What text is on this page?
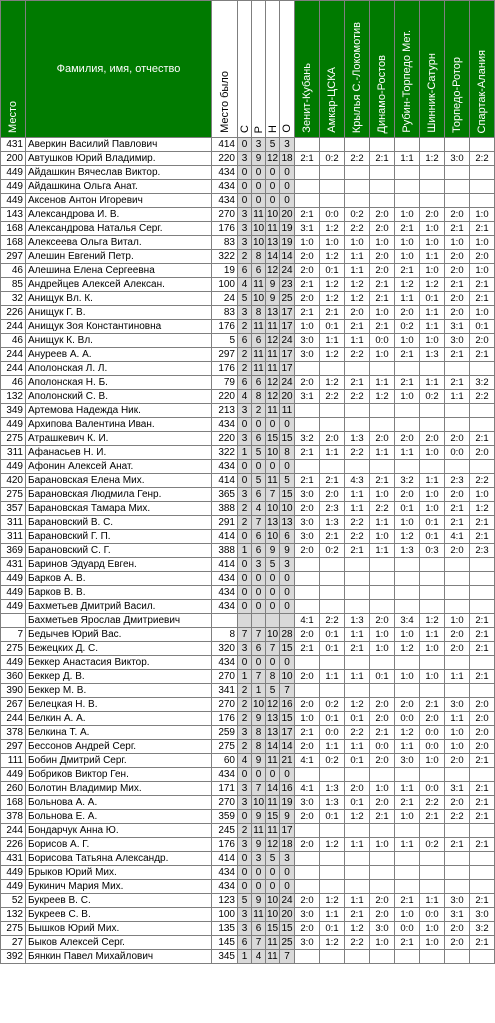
Место	Фамилия, имя, отчество	Место было	С	Р	Н	О	Зенит-Кубань	Амкар-ЦСКА	Крылья С.-Локомотив	Динамо-Ростов	Рубин-Торпедо Мет.	Шинник-Сатурн	Торпедо-Ротор	Спартак-Алания
431	Аверкин Василий Павлович	414	0	3	5	3								
200	Автушков Юрий Владимир.	220	3	9	12	18	2:1	0:2	2:2	2:1	1:1	1:2	3:0	2:2
449	Айдашкин Вячеслав Виктор.	434	0	0	0	0								
449	Айдашкина Ольга Анат.	434	0	0	0	0								
449	Аксенов Антон Игоревич	434	0	0	0	0								
143	Александрова И. В.	270	3	11	10	20	2:1	0:0	0:2	2:0	1:0	2:0	2:0	1:0
168	Александрова Наталья Серг.	176	3	10	11	19	3:1	1:2	2:2	2:0	2:1	1:0	2:1	2:1
168	Алексеева Ольга Витал.	83	3	10	13	19	1:0	1:0	1:0	1:0	1:0	1:0	1:0	1:0
297	Алешин Евгений Петр.	322	2	8	14	14	2:0	1:2	1:1	2:0	1:0	1:1	2:0	2:0
46	Алешина Елена Сергеевна	19	6	6	12	24	2:0	0:1	1:1	2:0	2:1	1:0	2:0	1:0
85	Андрейцев Алексей Алексан.	100	4	11	9	23	2:1	1:2	1:2	2:1	1:2	1:2	2:1	2:1
32	Анищук Вл. К.	24	5	10	9	25	2:0	1:2	1:2	2:1	1:1	0:1	2:0	2:1
226	Анищук Г. В.	83	3	8	13	17	2:1	2:1	2:0	1:0	2:0	1:1	2:0	1:0
244	Анищук Зоя Константиновна	176	2	11	11	17	1:0	0:1	2:1	2:1	0:2	1:1	3:1	0:1
46	Анищук К. Вл.	5	6	6	12	24	3:0	1:1	1:1	0:0	1:0	1:0	3:0	2:0
244	Ануреев А. А.	297	2	11	11	17	3:0	1:2	2:2	1:0	2:1	1:3	2:1	2:1
244	Аполонская Л. Л.	176	2	11	11	17								
46	Аполонская Н. Б.	79	6	6	12	24	2:0	1:2	2:1	1:1	2:1	1:1	2:1	3:2
132	Аполонский С. В.	220	4	8	12	20	3:1	2:2	2:2	1:2	1:0	0:2	1:1	2:2
349	Артемова Надежда Ник.	213	3	2	11	11								
449	Архипова Валентина Иван.	434	0	0	0	0								
275	Атрашкевич К. И.	220	3	6	15	15	3:2	2:0	1:3	2:0	2:0	2:0	2:0	2:1
311	Афанасьев Н. И.	322	1	5	10	8	2:1	1:1	2:2	1:1	1:1	1:0	0:0	2:0
449	Афонин Алексей Анат.	434	0	0	0	0								
420	Барановская Елена Мих.	414	0	5	11	5	2:1	2:1	4:3	2:1	3:2	1:1	2:3	2:2
275	Барановская Людмила Генр.	365	3	6	7	15	3:0	2:0	1:1	1:0	2:0	1:0	2:0	1:0
357	Барановская Тамара Мих.	388	2	4	10	10	2:0	2:3	1:1	2:2	0:1	1:0	2:1	1:2
311	Барановский В. С.	291	2	7	13	13	3:0	1:3	2:2	1:1	1:0	0:1	2:1	2:1
311	Барановский Г. П.	414	0	6	10	6	3:0	2:1	2:2	1:0	1:2	0:1	4:1	2:1
369	Барановский С. Г.	388	1	6	9	9	2:0	0:2	2:1	1:1	1:3	0:3	2:0	2:3
431	Баринов Эдуард Евген.	414	0	3	5	3								
449	Барков А. В.	434	0	0	0	0								
449	Барков В. В.	434	0	0	0	0								
449	Бахметьев Дмитрий Васил.	434	0	0	0	0								
	Бахметьев Ярослав Дмитриевич						4:1	2:2	1:3	2:0	3:4	1:2	1:0	2:1
7	Бедычев Юрий Вас.	8	7	7	10	28	2:0	0:1	1:1	1:0	1:0	1:1	2:0	2:1
275	Бежецких Д. С.	320	3	6	7	15	2:1	0:1	2:1	1:0	1:2	1:0	2:0	2:1
449	Беккер Анастасия Виктор.	434	0	0	0	0								
360	Беккер Д. В.	270	1	7	8	10	2:0	1:1	1:1	0:1	1:0	1:0	1:1	2:1
390	Беккер М. В.	341	2	1	5	7								
267	Белецкая Н. В.	270	2	10	12	16	2:0	0:2	1:2	2:0	2:0	2:1	3:0	2:0
244	Белкин А. А.	176	2	9	13	15	1:0	0:1	0:1	2:0	0:0	2:0	1:1	2:0
378	Белкина Т. А.	259	3	8	13	17	2:1	0:0	2:2	2:1	1:2	0:0	1:0	2:0
297	Бессонов Андрей Серг.	275	2	8	14	14	2:0	1:1	1:1	0:0	1:1	0:0	1:0	2:0
111	Бобин Дмитрий Серг.	60	4	9	11	21	4:1	0:2	0:1	2:0	3:0	1:0	2:0	2:1
449	Бобриков Виктор Ген.	434	0	0	0	0								
260	Болотин Владимир Мих.	171	3	7	14	16	4:1	1:3	2:0	1:0	1:1	0:0	3:1	2:1
168	Больнова А. А.	270	3	10	11	19	3:0	1:3	0:1	2:0	2:1	2:2	2:0	2:1
378	Больнова Е. А.	359	0	9	15	9	2:0	0:1	1:2	2:1	1:0	2:1	2:2	2:1
244	Бондарчук Анна Ю.	245	2	11	11	17								
226	Борисов А. Г.	176	3	9	12	18	2:0	1:2	1:1	1:0	1:1	0:2	2:1	2:1
431	Борисова Татьяна Александр.	414	0	3	5	3								
449	Брыков Юрий Мих.	434	0	0	0	0								
449	Букинич Мария Мих.	434	0	0	0	0								
52	Букреев В. С.	123	5	9	10	24	2:0	1:2	1:1	2:0	2:1	1:1	3:0	2:1
132	Букреев С. В.	100	3	11	10	20	3:0	1:1	2:1	2:0	1:0	0:0	3:1	3:0
275	Бышков Юрий Мих.	135	3	6	15	15	2:0	0:1	1:2	3:0	0:0	1:0	2:0	3:2
27	Быков Алексей Серг.	145	6	7	11	25	3:0	1:2	2:2	1:0	2:1	1:0	2:0	2:1
392	Бянкин Павел Михайлович	345	1	4	11	7								
